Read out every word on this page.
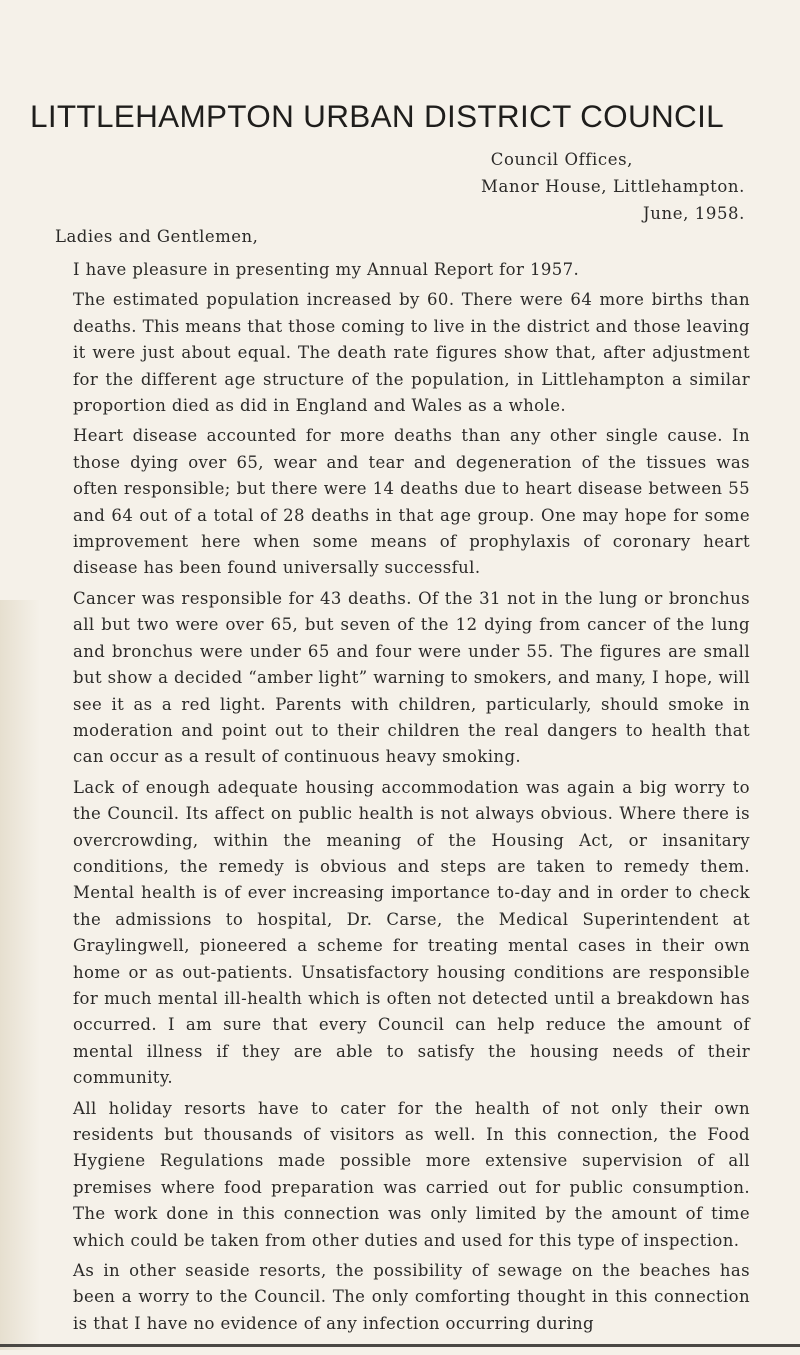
LITTLEHAMPTON URBAN DISTRICT COUNCIL
Council Offices,
Manor House, Littlehampton.
June, 1958.
Ladies and Gentlemen,

I have pleasure in presenting my Annual Report for 1957.

The estimated population increased by 60. There were 64 more births than deaths. This means that those coming to live in the district and those leaving it were just about equal. The death rate figures show that, after adjustment for the different age structure of the population, in Littlehampton a similar proportion died as did in England and Wales as a whole.

Heart disease accounted for more deaths than any other single cause. In those dying over 65, wear and tear and degeneration of the tissues was often responsible; but there were 14 deaths due to heart disease between 55 and 64 out of a total of 28 deaths in that age group. One may hope for some improvement here when some means of prophylaxis of coronary heart disease has been found universally successful.

Cancer was responsible for 43 deaths. Of the 31 not in the lung or bronchus all but two were over 65, but seven of the 12 dying from cancer of the lung and bronchus were under 65 and four were under 55. The figures are small but show a decided “amber light” warning to smokers, and many, I hope, will see it as a red light. Parents with children, particularly, should smoke in moderation and point out to their children the real dangers to health that can occur as a result of continuous heavy smoking.

Lack of enough adequate housing accommodation was again a big worry to the Council. Its affect on public health is not always obvious. Where there is overcrowding, within the meaning of the Housing Act, or insanitary conditions, the remedy is obvious and steps are taken to remedy them. Mental health is of ever increasing importance to-day and in order to check the admissions to hospital, Dr. Carse, the Medical Superintendent at Graylingwell, pioneered a scheme for treating mental cases in their own home or as out-patients. Unsatisfactory housing conditions are responsible for much mental ill-health which is often not detected until a breakdown has occurred. I am sure that every Council can help reduce the amount of mental illness if they are able to satisfy the housing needs of their community.

All holiday resorts have to cater for the health of not only their own residents but thousands of visitors as well. In this connection, the Food Hygiene Regulations made possible more extensive supervision of all premises where food preparation was carried out for public consumption. The work done in this connection was only limited by the amount of time which could be taken from other duties and used for this type of inspection.

As in other seaside resorts, the possibility of sewage on the beaches has been a worry to the Council. The only comforting thought in this connection is that I have no evidence of any infection occurring during
